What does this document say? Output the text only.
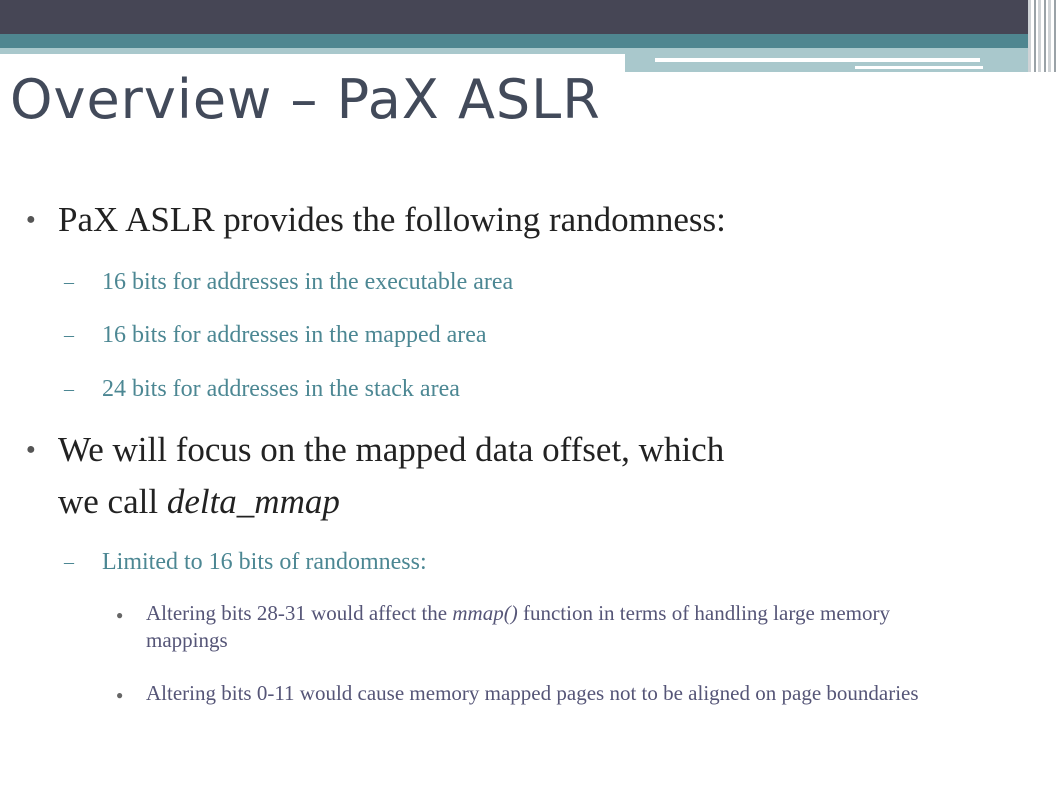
Overview – PaX ASLR
● PaX ASLR provides the following randomness:
– 16 bits for addresses in the executable area
– 16 bits for addresses in the mapped area
– 24 bits for addresses in the stack area
● We will focus on the mapped data offset, which
we call delta_mmap
– Limited to 16 bits of randomness:
● Altering bits 28-31 would affect the mmap() function in terms of handling large memory mappings
● Altering bits 0-11 would cause memory mapped pages not to be aligned on page boundaries
